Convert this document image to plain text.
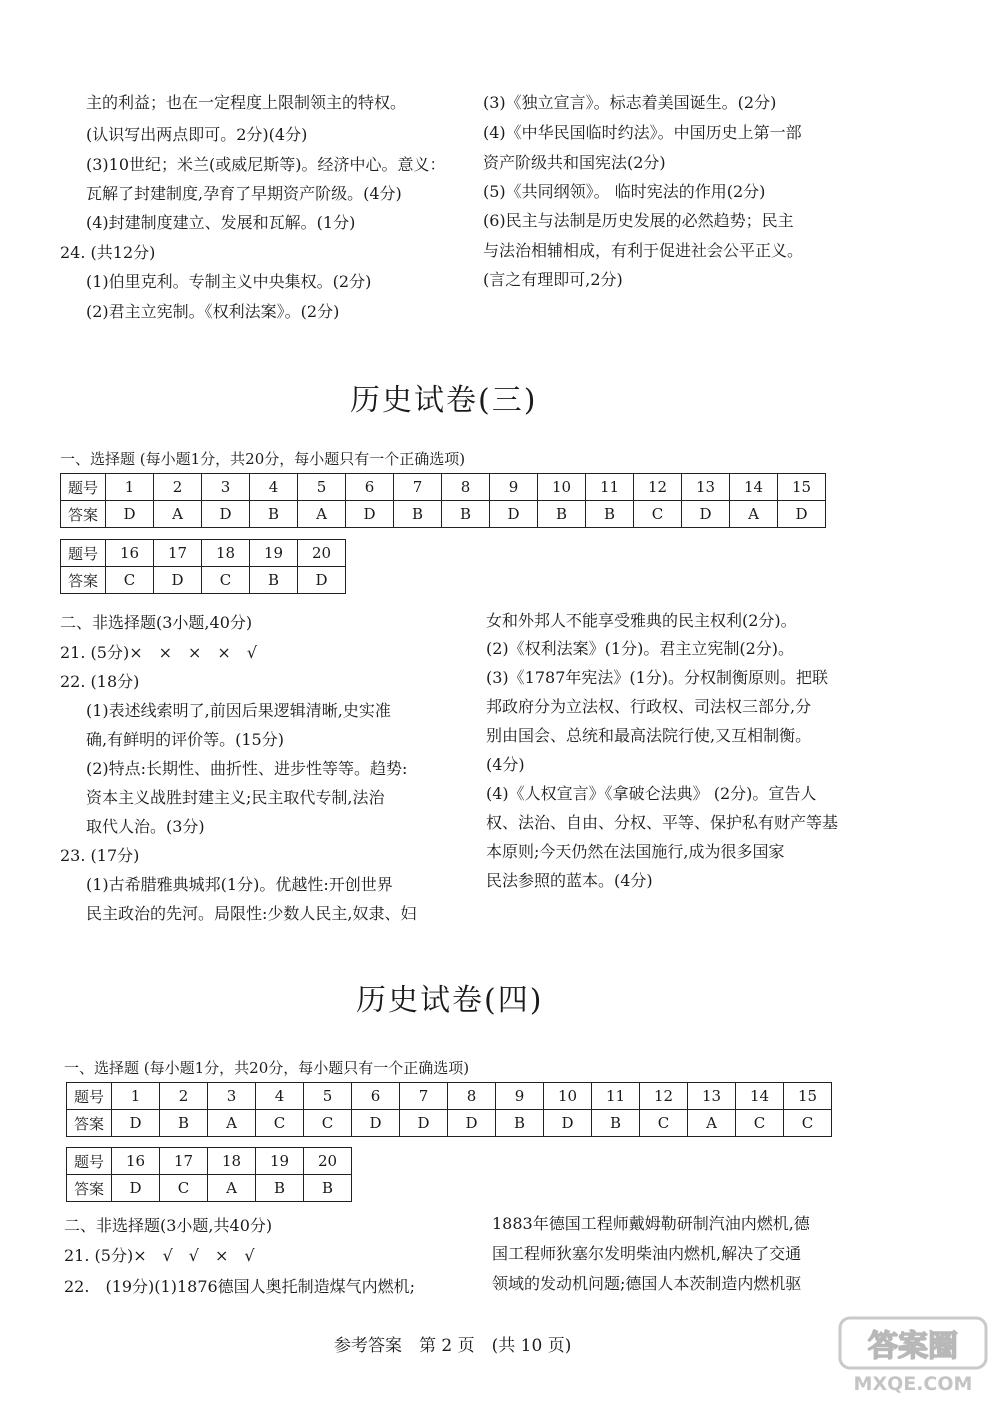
主的利益；也在一定程度上限制领主的特权。
(认识写出两点即可。2分)(4分)
(3)10世纪；米兰(或威尼斯等)。经济中心。意义：
瓦解了封建制度,孕育了早期资产阶级。(4分)
(4)封建制度建立、发展和瓦解。(1分)
24. (共12分)
(1)伯里克利。专制主义中央集权。(2分)
(2)君主立宪制。《权利法案》。(2分)
(3)《独立宣言》。标志着美国诞生。(2分)
(4)《中华民国临时约法》。中国历史上第一部
资产阶级共和国宪法(2分)
(5)《共同纲领》。 临时宪法的作用(2分)
(6)民主与法制是历史发展的必然趋势；民主
与法治相辅相成，有利于促进社会公平正义。
(言之有理即可,2分)
历史试卷(三)
一、选择题 (每小题1分，共20分，每小题只有一个正确选项)
题号	1	2	3	4	5	6	7	8	9	10	11	12	13	14	15
答案	D	A	D	B	A	D	B	B	D	B	B	C	D	A	D
题号	16	17	18	19	20
答案	C	D	C	B	D
二、非选择题(3小题,40分)
21. (5分)×　×　×　×　√
22. (18分)
(1)表述线索明了,前因后果逻辑清晰,史实准
确,有鲜明的评价等。(15分)
(2)特点:长期性、曲折性、进步性等等。趋势:
资本主义战胜封建主义;民主取代专制,法治
取代人治。(3分)
23. (17分)
(1)古希腊雅典城邦(1分)。优越性:开创世界
民主政治的先河。局限性:少数人民主,奴隶、妇
女和外邦人不能享受雅典的民主权利(2分)。
(2)《权利法案》(1分)。君主立宪制(2分)。
(3)《1787年宪法》(1分)。分权制衡原则。把联
邦政府分为立法权、行政权、司法权三部分,分
别由国会、总统和最高法院行使,又互相制衡。
(4分)
(4)《人权宣言》《拿破仑法典》 (2分)。宣告人
权、法治、自由、分权、平等、保护私有财产等基
本原则;今天仍然在法国施行,成为很多国家
民法参照的蓝本。(4分)
历史试卷(四)
一、选择题 (每小题1分，共20分，每小题只有一个正确选项)
题号	1	2	3	4	5	6	7	8	9	10	11	12	13	14	15
答案	D	B	A	C	C	D	D	D	B	D	B	C	A	C	C
题号	16	17	18	19	20
答案	D	C	A	B	B
二、非选择题(3小题,共40分)
21. (5分)×　√　√　×　√
22.　(19分)(1)1876德国人奥托制造煤气内燃机;
1883年德国工程师戴姆勒研制汽油内燃机,德
国工程师狄塞尔发明柴油内燃机,解决了交通
领域的发动机问题;德国人本茨制造内燃机驱
参考答案　第 2 页　(共 10 页)	答案圈
MXQE.COM
